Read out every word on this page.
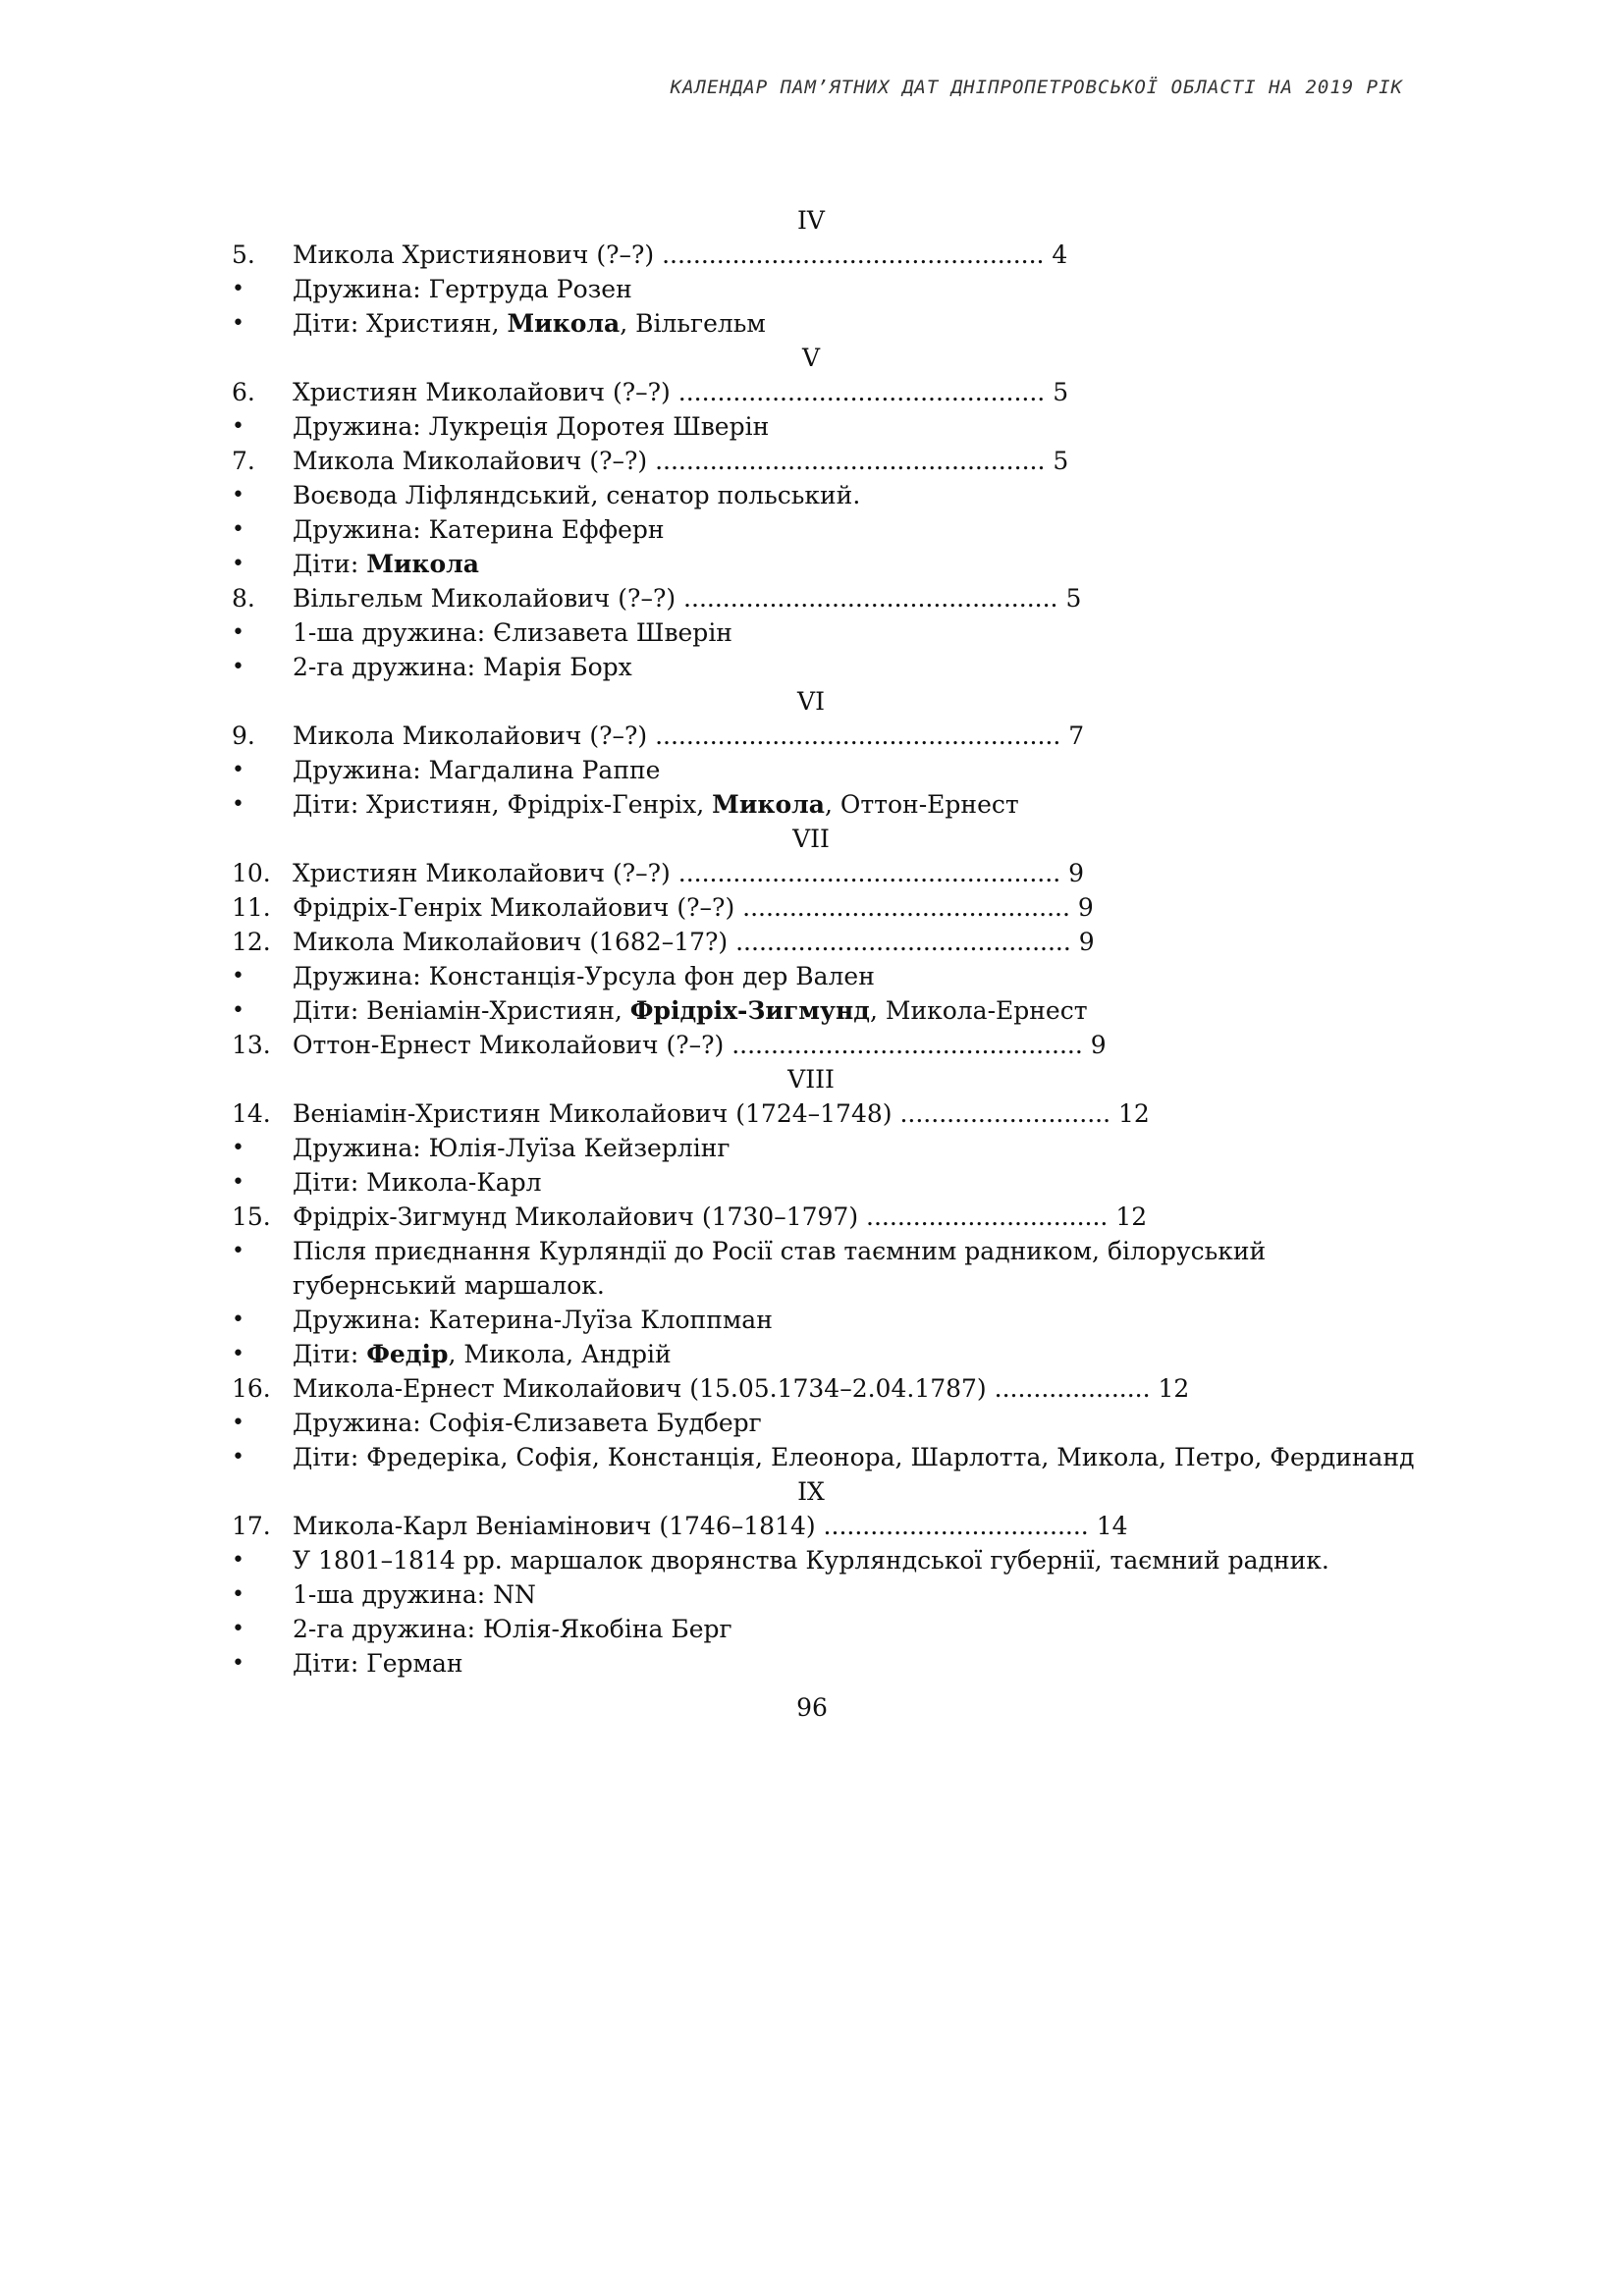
КАЛЕНДАР ПАМ’ЯТНИХ ДАТ ДНІПРОПЕТРОВСЬКОЇ ОБЛАСТІ НА 2019 РІК
IV
5.	Микола Християнович (?–?) ................................................. 4
•	Дружина: Гертруда Розен
•	Діти: Християн, Микола, Вільгельм
V
6.	Християн Миколайович (?–?) ............................................... 5
•	Дружина: Лукреція Доротея Шверін
7.	Микола Миколайович (?–?) .................................................. 5
•	Воєвода Ліфляндський, сенатор польський.
•	Дружина: Катерина Ефферн
•	Діти: Микола
8.	Вільгельм Миколайович (?–?) ................................................ 5
•	1-ша дружина: Єлизавета Шверін
•	2-га дружина: Марія Борх
VI
9.	Микола Миколайович (?–?) .................................................... 7
•	Дружина: Магдалина Раппе
•	Діти: Християн, Фрідріх-Генріх, Микола, Оттон-Ернест
VII
10. Християн Миколайович (?–?) ................................................. 9
11. Фрідріх-Генріх Миколайович (?–?) .......................................... 9
12. Микола Миколайович (1682–17?) ........................................... 9
•	Дружина: Констанція-Урсула фон дер Вален
•	Діти: Веніамін-Християн, Фрідріх-Зигмунд, Микола-Ернест
13. Оттон-Ернест Миколайович (?–?) ............................................. 9
VIII
14. Веніамін-Християн Миколайович (1724–1748) ........................... 12
•	Дружина: Юлія-Луїза Кейзерлінг
•	Діти: Микола-Карл
15. Фрідріх-Зигмунд Миколайович (1730–1797) ............................... 12
•	Після приєднання Курляндії до Росії став таємним радником, білоруський губернський маршалок.
•	Дружина: Катерина-Луїза Клоппман
•	Діти: Федір, Микола, Андрій
16. Микола-Ернест Миколайович (15.05.1734–2.04.1787) .................... 12
•	Дружина: Софія-Єлизавета Будберг
•	Діти: Фредеріка, Софія, Констанція, Елеонора, Шарлотта, Микола, Петро, Фердинанд
IX
17. Микола-Карл Веніамінович (1746–1814) .................................. 14
•	У 1801–1814 рр. маршалок дворянства Курляндської губернії, таємний радник.
•	1-ша дружина: NN
•	2-га дружина: Юлія-Якобіна Берг
•	Діти: Герман
96
